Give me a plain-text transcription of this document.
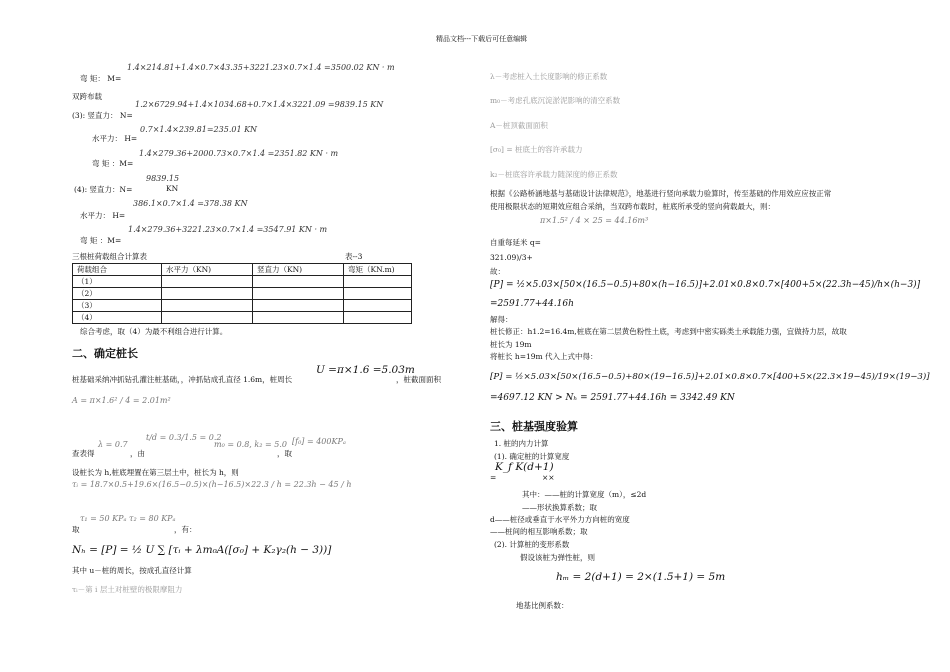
精品文档---下载后可任意编辑
弯 矩： M=
1.4×214.81+1.4×0.7×43.35+3221.23×0.7×1.4 =3500.02 KN · m
双跨布载
(3): 竖直力： N=
1.2×6729.94+1.4×1034.68+0.7×1.4×3221.09 =9839.15 KN
水平力： H=
0.7×1.4×239.81=235.01 KN
弯 矩 ：M=
1.4×279.36+2000.73×0.7×1.4 =2351.82 KN · m
(4): 竖直力：N=
9839.15
KN
水平力： H=
386.1×0.7×1.4 =378.38 KN
弯 矩 ：M=
1.4×279.36+3221.23×0.7×1.4 =3547.91 KN · m
三根桩荷载组合计算表	表--3
荷载组合	水平力（KN)	竖直力（KN)	弯矩（KN.m)
（1）			
（2）			
（3）			
（4）			
综合考虑，取（4）为最不利组合进行计算。
二、确定桩长
桩基础采纳冲抓钻孔灌注桩基础，，冲抓钻成孔直径 1.6m，桩周长
U =π×1.6 =5.03m
，桩截面面积
A = π×1.6² / 4 = 2.01m²
查表得
λ = 0.7
，由
t/d = 0.3/1.5 = 0.2
m₀ = 0.8, k₂ = 5.0
，取
[f₀] = 400KPₐ
设桩长为 h,桩底埋置在第三层土中，桩长为 h，则
τᵢ = 18.7×0.5+19.6×(16.5−0.5)×(h−16.5)×22.3 / h = 22.3h − 45 / h
取
τ₁ = 50 KPₐ τ₂ = 80 KPₐ
，有：
Nₕ = [P] = ½ U ∑ [τᵢ + λm₀A([σ₀] + K₂γ₂(h − 3))]
其中 u－桩的周长，按成孔直径计算
τᵢ－第 i 层土对桩壁的极限摩阻力
λ－考虑桩入土长度影响的修正系数
m₀－考虑孔底沉淀淤泥影响的清空系数
A－桩顶截面面积
[σ₀] = 桩底土的容许承载力
k₂－桩底容许承载力随深度的修正系数
根据《公路桥涵地基与基础设计法律规范》，地基进行竖向承载力验算时，传至基础的作用效应应按正常
使用极限状态的短期效应组合采纳，当双跨布载时，桩底所承受的竖向荷载最大，则：
π×1.5² / 4 × 25 = 44.16m³
自重每延米 q=
321.09)/3+
故：
[P] = ½×5.03×[50×(16.5−0.5)+80×(h−16.5)]+2.01×0.8×0.7×[400+5×(22.3h−45)/h×(h−3)]
=2591.77+44.16h
解得：
桩长修正：h1.2=16.4m,桩底在第二层黄色粉性土底，考虑到中密实砾类土承载能力强，宜做持力层，故取
桩长为 19m
将桩长 h=19m 代入上式中得：
[P] = ½×5.03×[50×(16.5−0.5)+80×(19−16.5)]+2.01×0.8×0.7×[400+5×(22.3×19−45)/19×(19−3)]
=4697.12 KN > Nₕ = 2591.77+44.16h = 3342.49 KN
三、桩基强度验算
1. 桩的内力计算
(1). 确定桩的计算宽度
=
K_f K(d+1)
××
其中：——桩的计算宽度（m），≤2d
——形状换算系数；取
d——桩径或垂直于水平外力方向桩的宽度
——桩间的相互影响系数；取
(2). 计算桩的变形系数
假设该桩为弹性桩，则
hₘ = 2(d+1) = 2×(1.5+1) = 5m
地基比例系数：
